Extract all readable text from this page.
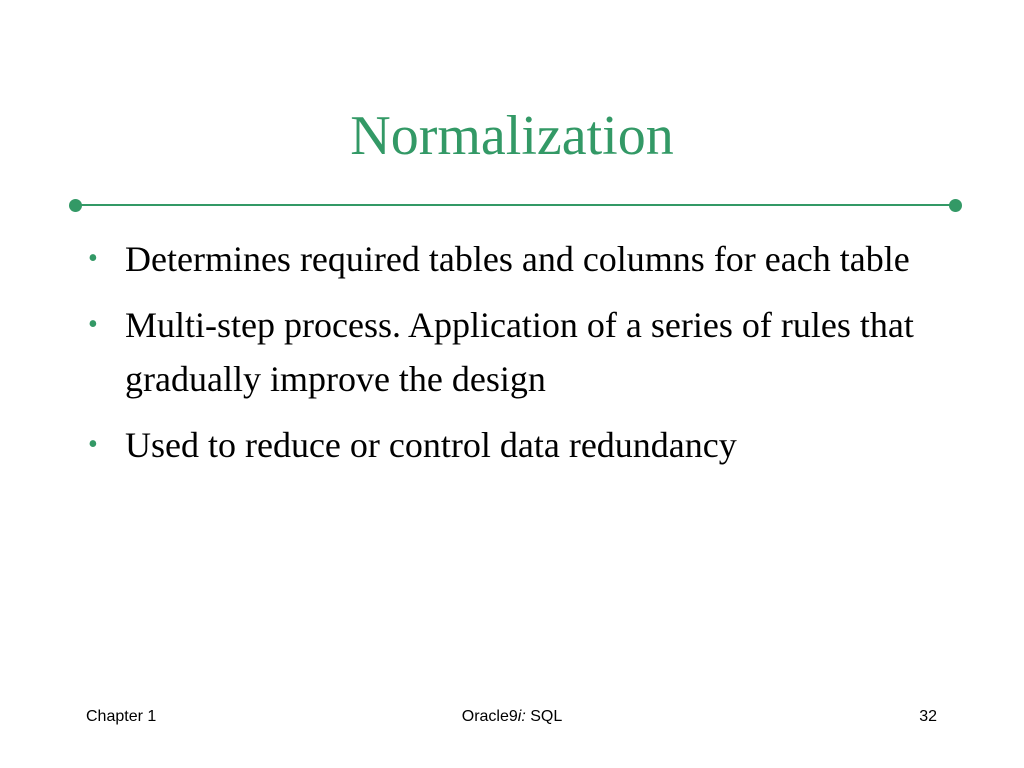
Normalization
• Determines required tables and columns for each table
• Multi-step process. Application of a series of rules that gradually improve the design
• Used to reduce or control data redundancy
Chapter 1	Oracle9i: SQL	32
